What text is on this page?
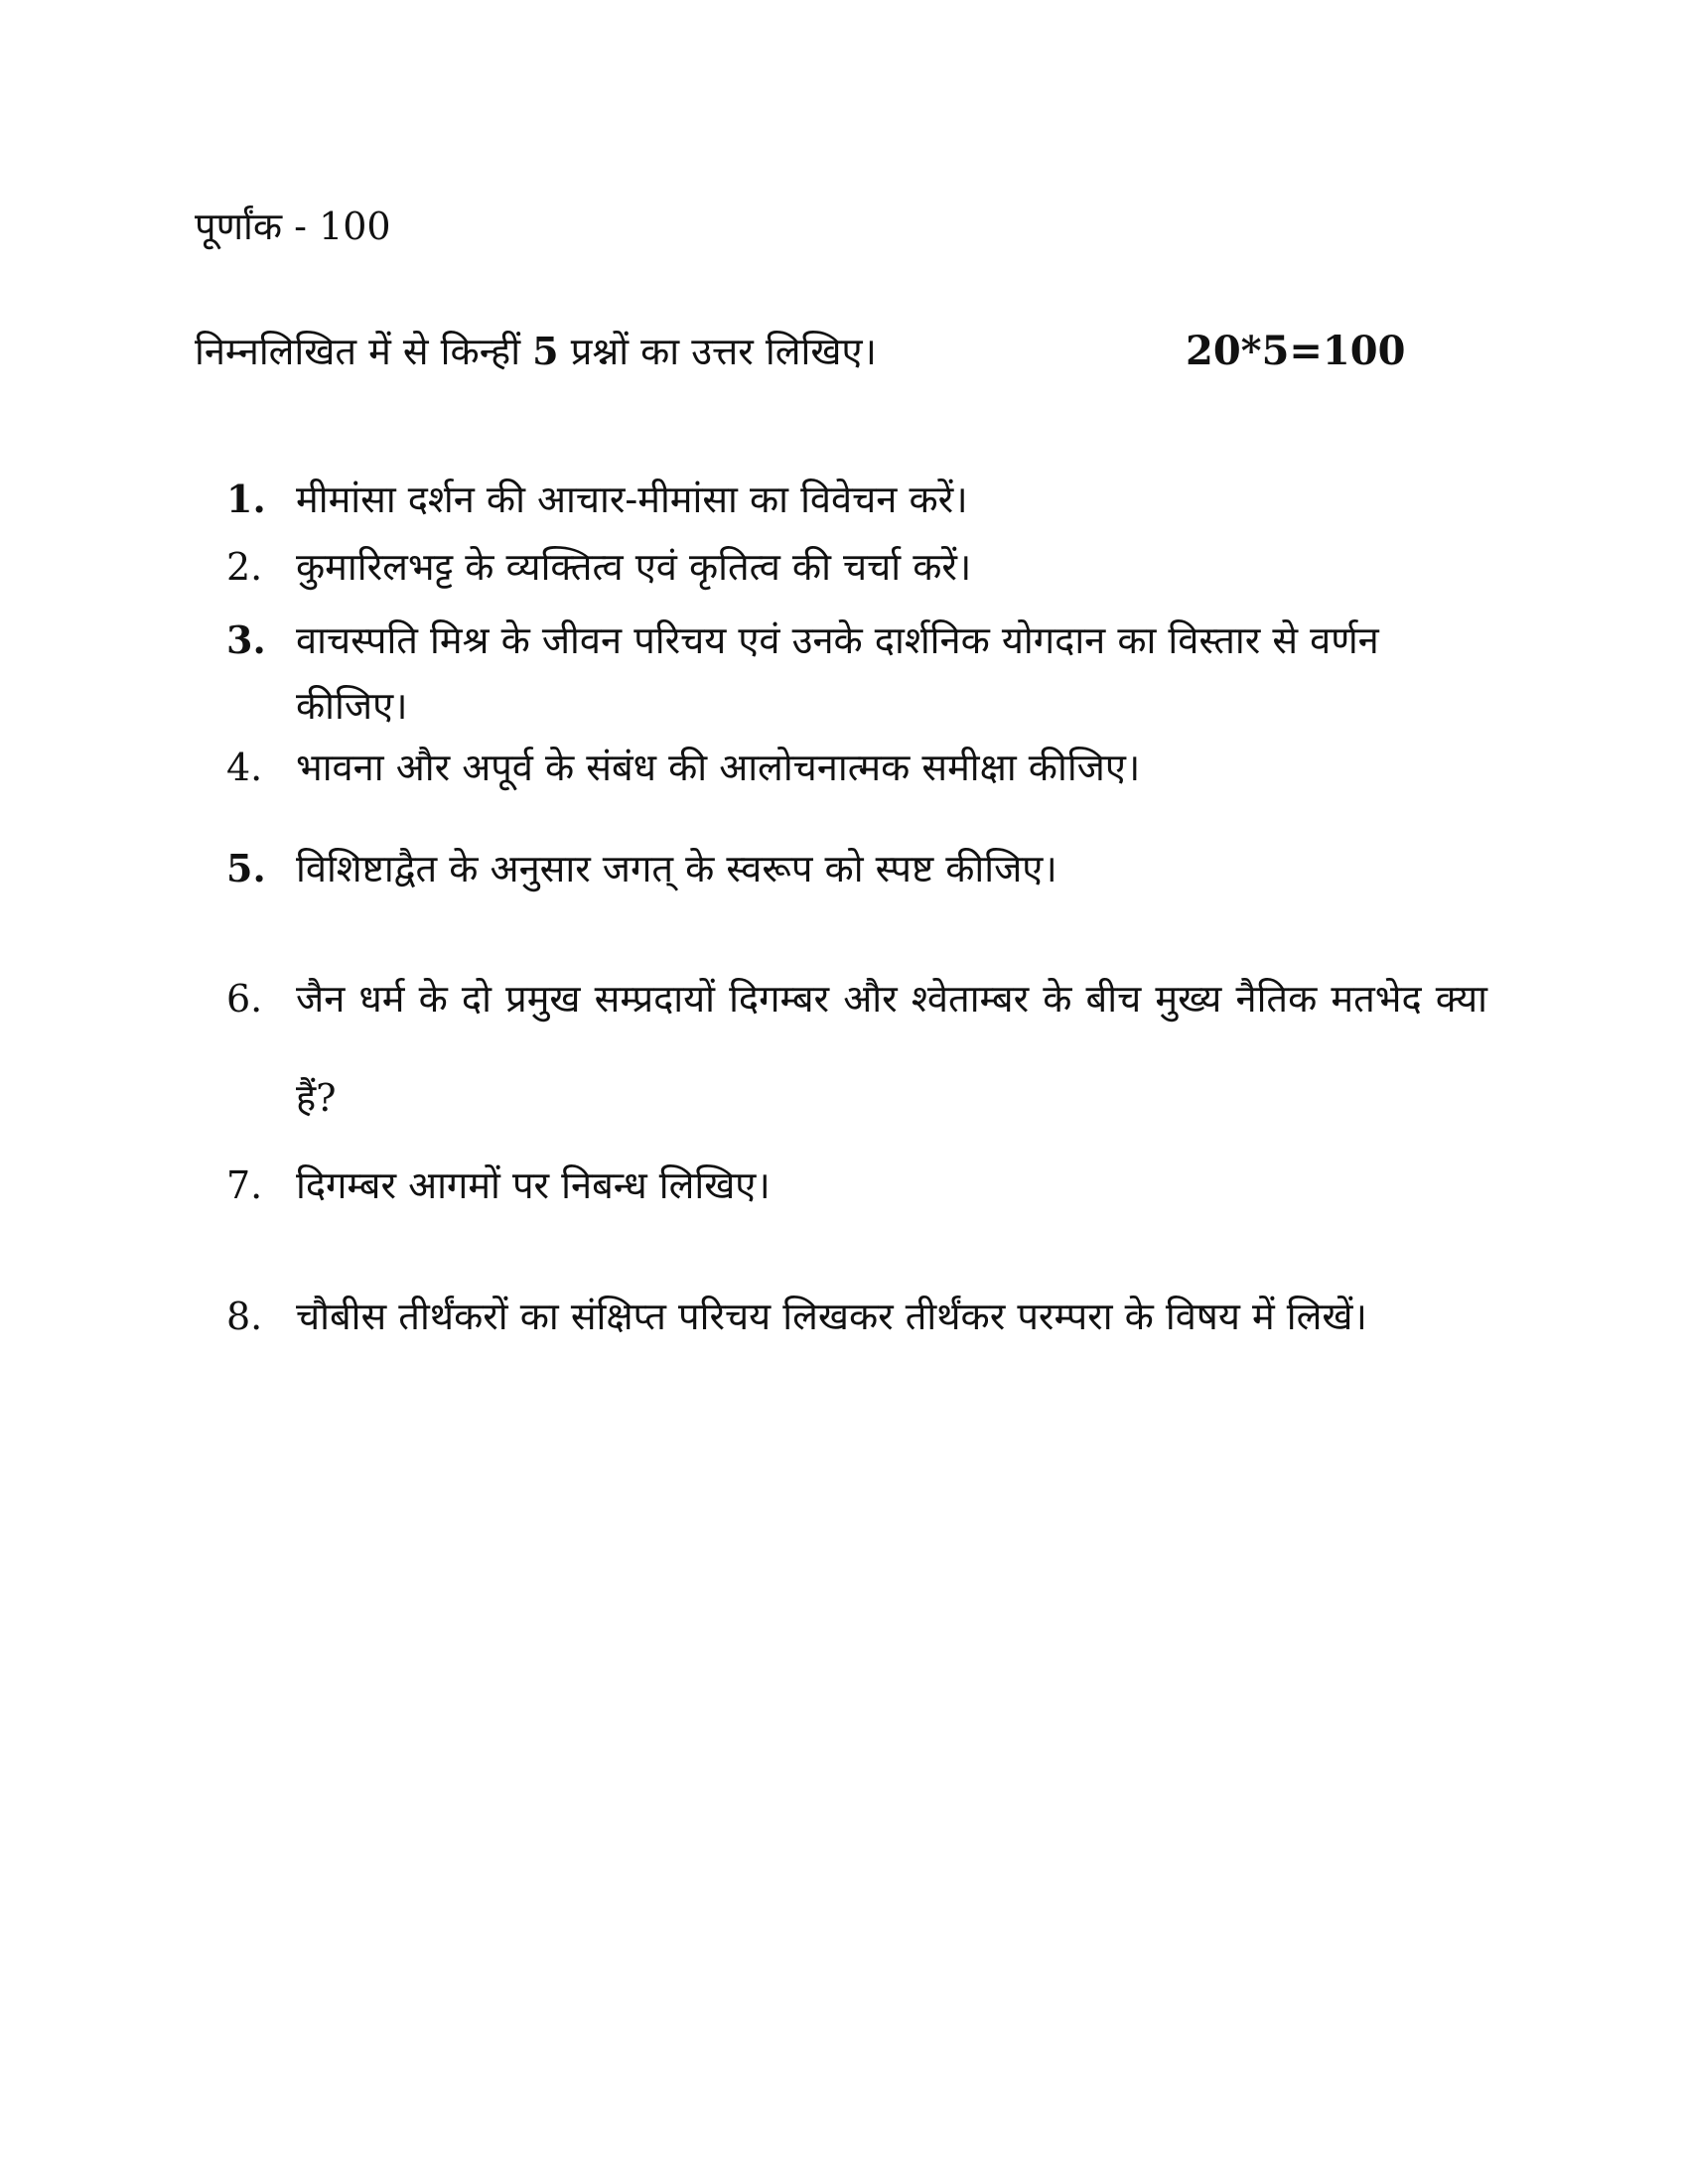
पूर्णांक - 100
निम्नलिखित में से किन्हीं 5 प्रश्नों का उत्तर लिखिए।	20*5=100
1. मीमांसा दर्शन की आचार-मीमांसा का विवेचन करें।
2. कुमारिलभट्ट के व्यक्तित्व एवं कृतित्व की चर्चा करें।
3. वाचस्पति मिश्र के जीवन परिचय एवं उनके दार्शनिक योगदान का विस्तार से वर्णन कीजिए।
4. भावना और अपूर्व के संबंध की आलोचनात्मक समीक्षा कीजिए।
5. विशिष्टाद्वैत के अनुसार जगत् के स्वरूप को स्पष्ट कीजिए।
6. जैन धर्म के दो प्रमुख सम्प्रदायों दिगम्बर और श्वेताम्बर के बीच मुख्य नैतिक मतभेद क्या हैं?
7. दिगम्बर आगमों पर निबन्ध लिखिए।
8. चौबीस तीर्थंकरों का संक्षिप्त परिचय लिखकर तीर्थंकर परम्परा के विषय में लिखें।
